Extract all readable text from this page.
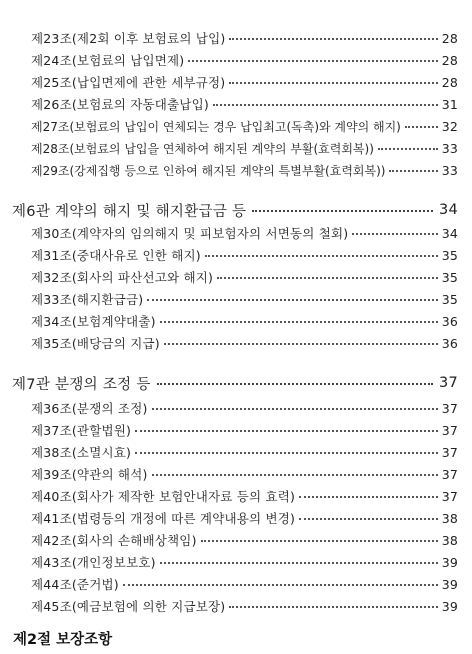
제23조(제2회 이후 보험료의 납입)	28
제24조(보험료의 납입면제)	28
제25조(납입면제에 관한 세부규정)	28
제26조(보험료의 자동대출납입)	31
제27조(보험료의 납입이 연체되는 경우 납입최고(독촉)와 계약의 해지)	32
제28조(보험료의 납입을 연체하여 해지된 계약의 부활(효력회복))	33
제29조(강제집행 등으로 인하여 해지된 계약의 특별부활(효력회복))	33
제6관 계약의 해지 및 해지환급금 등	34
제30조(계약자의 임의해지 및 피보험자의 서면동의 철회)	34
제31조(중대사유로 인한 해지)	35
제32조(회사의 파산선고와 해지)	35
제33조(해지환급금)	35
제34조(보험계약대출)	36
제35조(배당금의 지급)	36
제7관 분쟁의 조정 등	37
제36조(분쟁의 조정)	37
제37조(관할법원)	37
제38조(소멸시효)	37
제39조(약관의 해석)	37
제40조(회사가 제작한 보험안내자료 등의 효력)	37
제41조(법령등의 개정에 따른 계약내용의 변경)	38
제42조(회사의 손해배상책임)	38
제43조(개인정보보호)	39
제44조(준거법)	39
제45조(예금보험에 의한 지급보장)	39
제2절 보장조항
